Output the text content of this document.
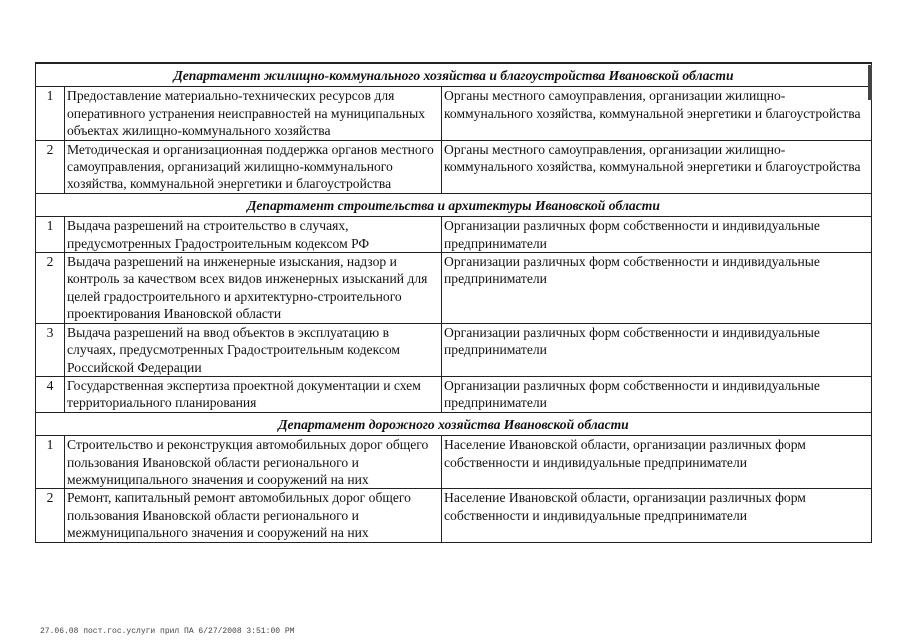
Департамент жилищно-коммунального хозяйства и благоустройства Ивановской области		
1	Предоставление материально-технических ресурсов для оперативного устранения неисправностей на муниципальных объектах жилищно-коммунального хозяйства	Органы местного самоуправления, организации жилищно-коммунального хозяйства, коммунальной энергетики и благоустройства
2	Методическая и организационная поддержка органов местного самоуправления, организаций жилищно-коммунального хозяйства, коммунальной энергетики и благоустройства	Органы местного самоуправления, организации жилищно-коммунального хозяйства, коммунальной энергетики и благоустройства
Департамент строительства и архитектуры Ивановской области		
1	Выдача разрешений на строительство в случаях, предусмотренных Градостроительным кодексом РФ	Организации различных форм собственности и индивидуальные предприниматели
2	Выдача разрешений на инженерные изыскания, надзор и контроль за качеством всех видов инженерных изысканий для целей градостроительного и архитектурно-строительного проектирования Ивановской области	Организации различных форм собственности и индивидуальные предприниматели
3	Выдача разрешений на ввод объектов в эксплуатацию в случаях, предусмотренных Градостроительным кодексом Российской Федерации	Организации различных форм собственности и индивидуальные предприниматели
4	Государственная экспертиза проектной документации и схем территориального планирования	Организации различных форм собственности и индивидуальные предприниматели
Департамент дорожного хозяйства Ивановской области		
1	Строительство и реконструкция автомобильных дорог общего пользования Ивановской области регионального и межмуниципального значения и сооружений на них	Население Ивановской области, организации различных форм собственности и индивидуальные предприниматели
2	Ремонт, капитальный ремонт автомобильных дорог общего пользования Ивановской области регионального и межмуниципального значения и сооружений на них	Население Ивановской области, организации различных форм собственности и индивидуальные предприниматели
27.06.08 пост.гос.услуги прил ПА 6/27/2008 3:51:00 PM
